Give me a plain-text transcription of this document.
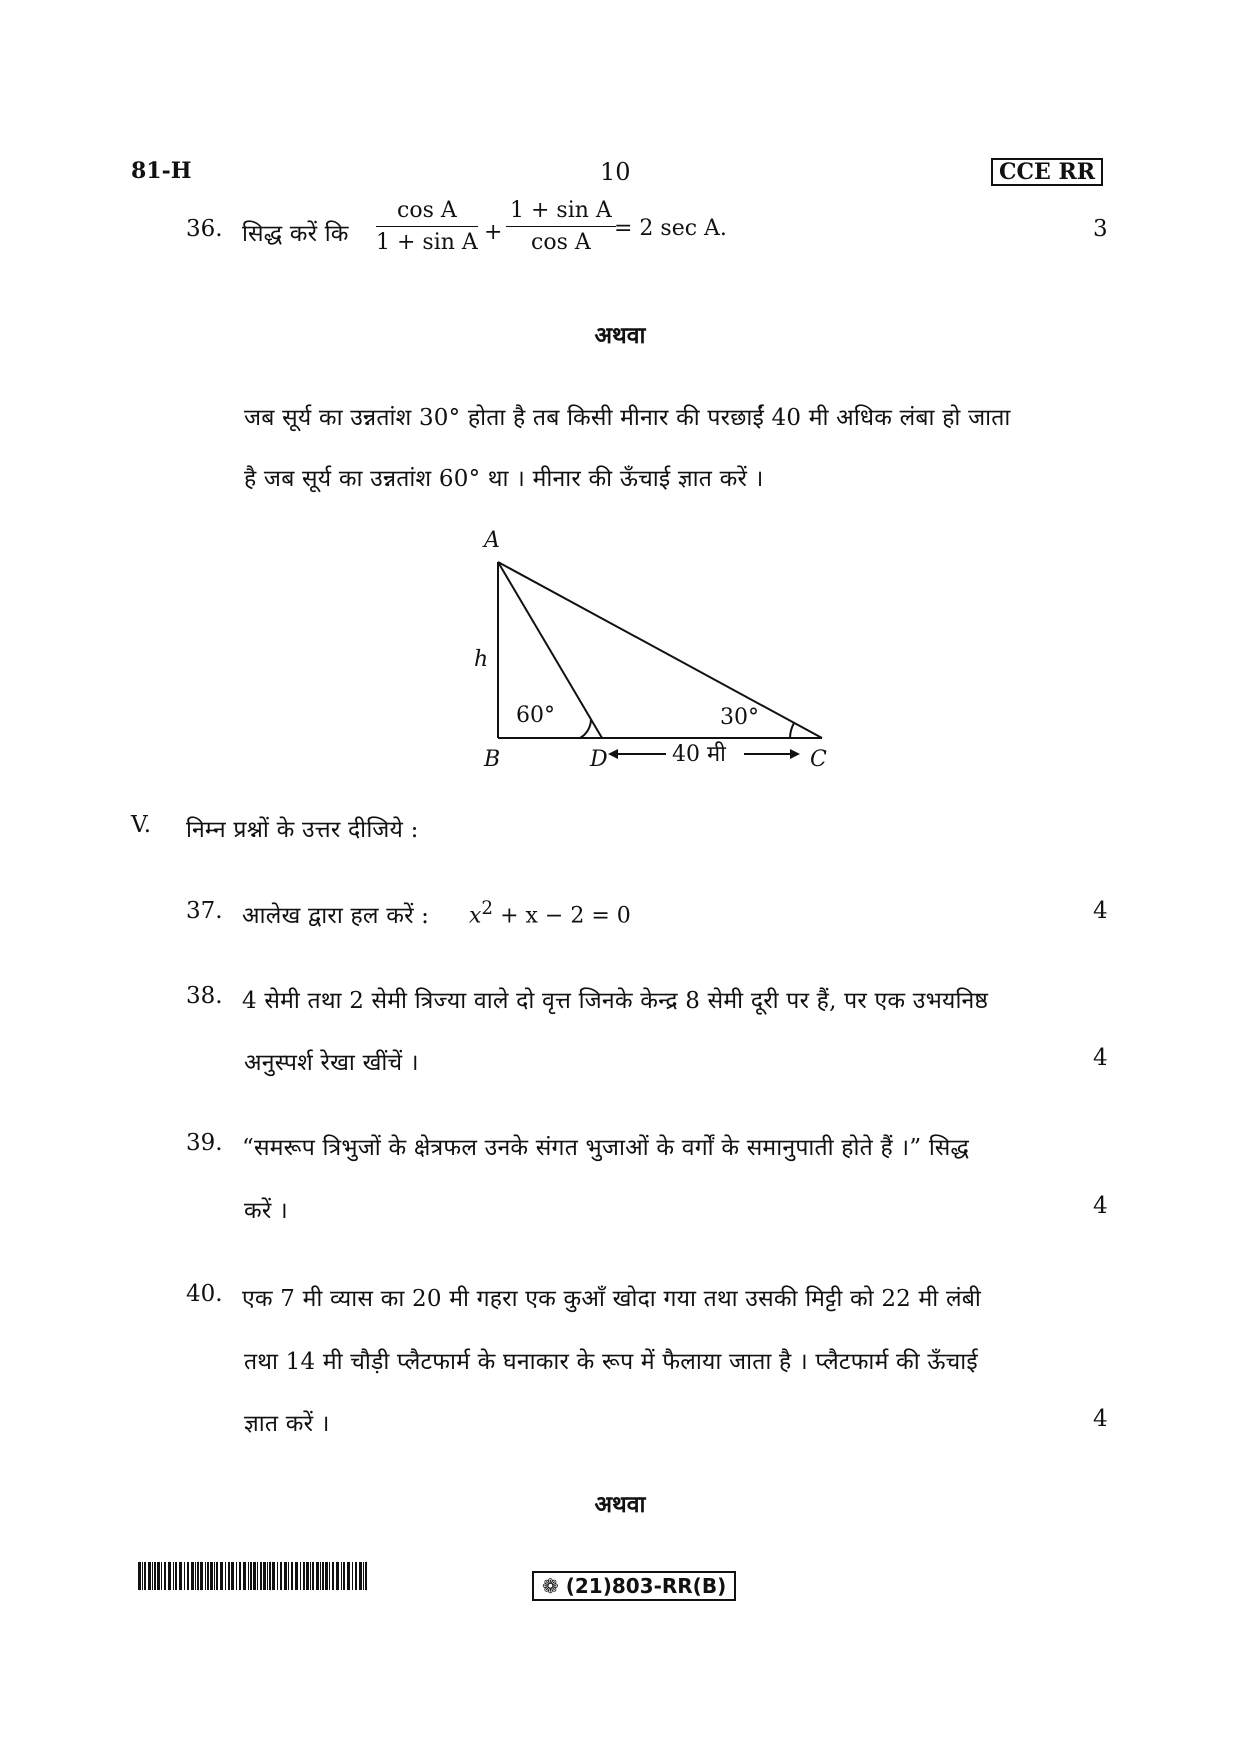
81-H	10	CCE RR
36. सिद्ध करें कि $\frac{\text{cos A}}{\text{1 + sin A}} + \frac{\text{1 + sin A}}{\text{cos A}}$
= 2 sec A.	3
अथवा
जब सूर्य का उन्नतांश 30° होता है तब किसी मीनार की परछाईं 40 मी अधिक लंबा हो जाता
है जब सूर्य का उन्नतांश 60° था । मीनार की ऊँचाई ज्ञात करें ।
A
B	D	C
h
60°	30°
40 मी
V. निम्न प्रश्नों के उत्तर दीजिये :
37. आलेख द्वारा हल करें : $x^2 + x - 2 = 0$	4
38. 4 सेमी तथा 2 सेमी त्रिज्या वाले दो वृत्त जिनके केन्द्र 8 सेमी दूरी पर हैं, पर एक उभयनिष्ठ
अनुस्पर्श रेखा खींचें ।	4
39. “समरूप त्रिभुजों के क्षेत्रफल उनके संगत भुजाओं के वर्गों के समानुपाती होते हैं ।” सिद्ध
करें ।	4
40. एक 7 मी व्यास का 20 मी गहरा एक कुआँ खोदा गया तथा उसकी मिट्टी को 22 मी लंबी
तथा 14 मी चौड़ी प्लैटफार्म के घनाकार के रूप में फैलाया जाता है । प्लैटफार्म की ऊँचाई
ज्ञात करें ।	4
अथवा
❁ (21)803-RR(B)
